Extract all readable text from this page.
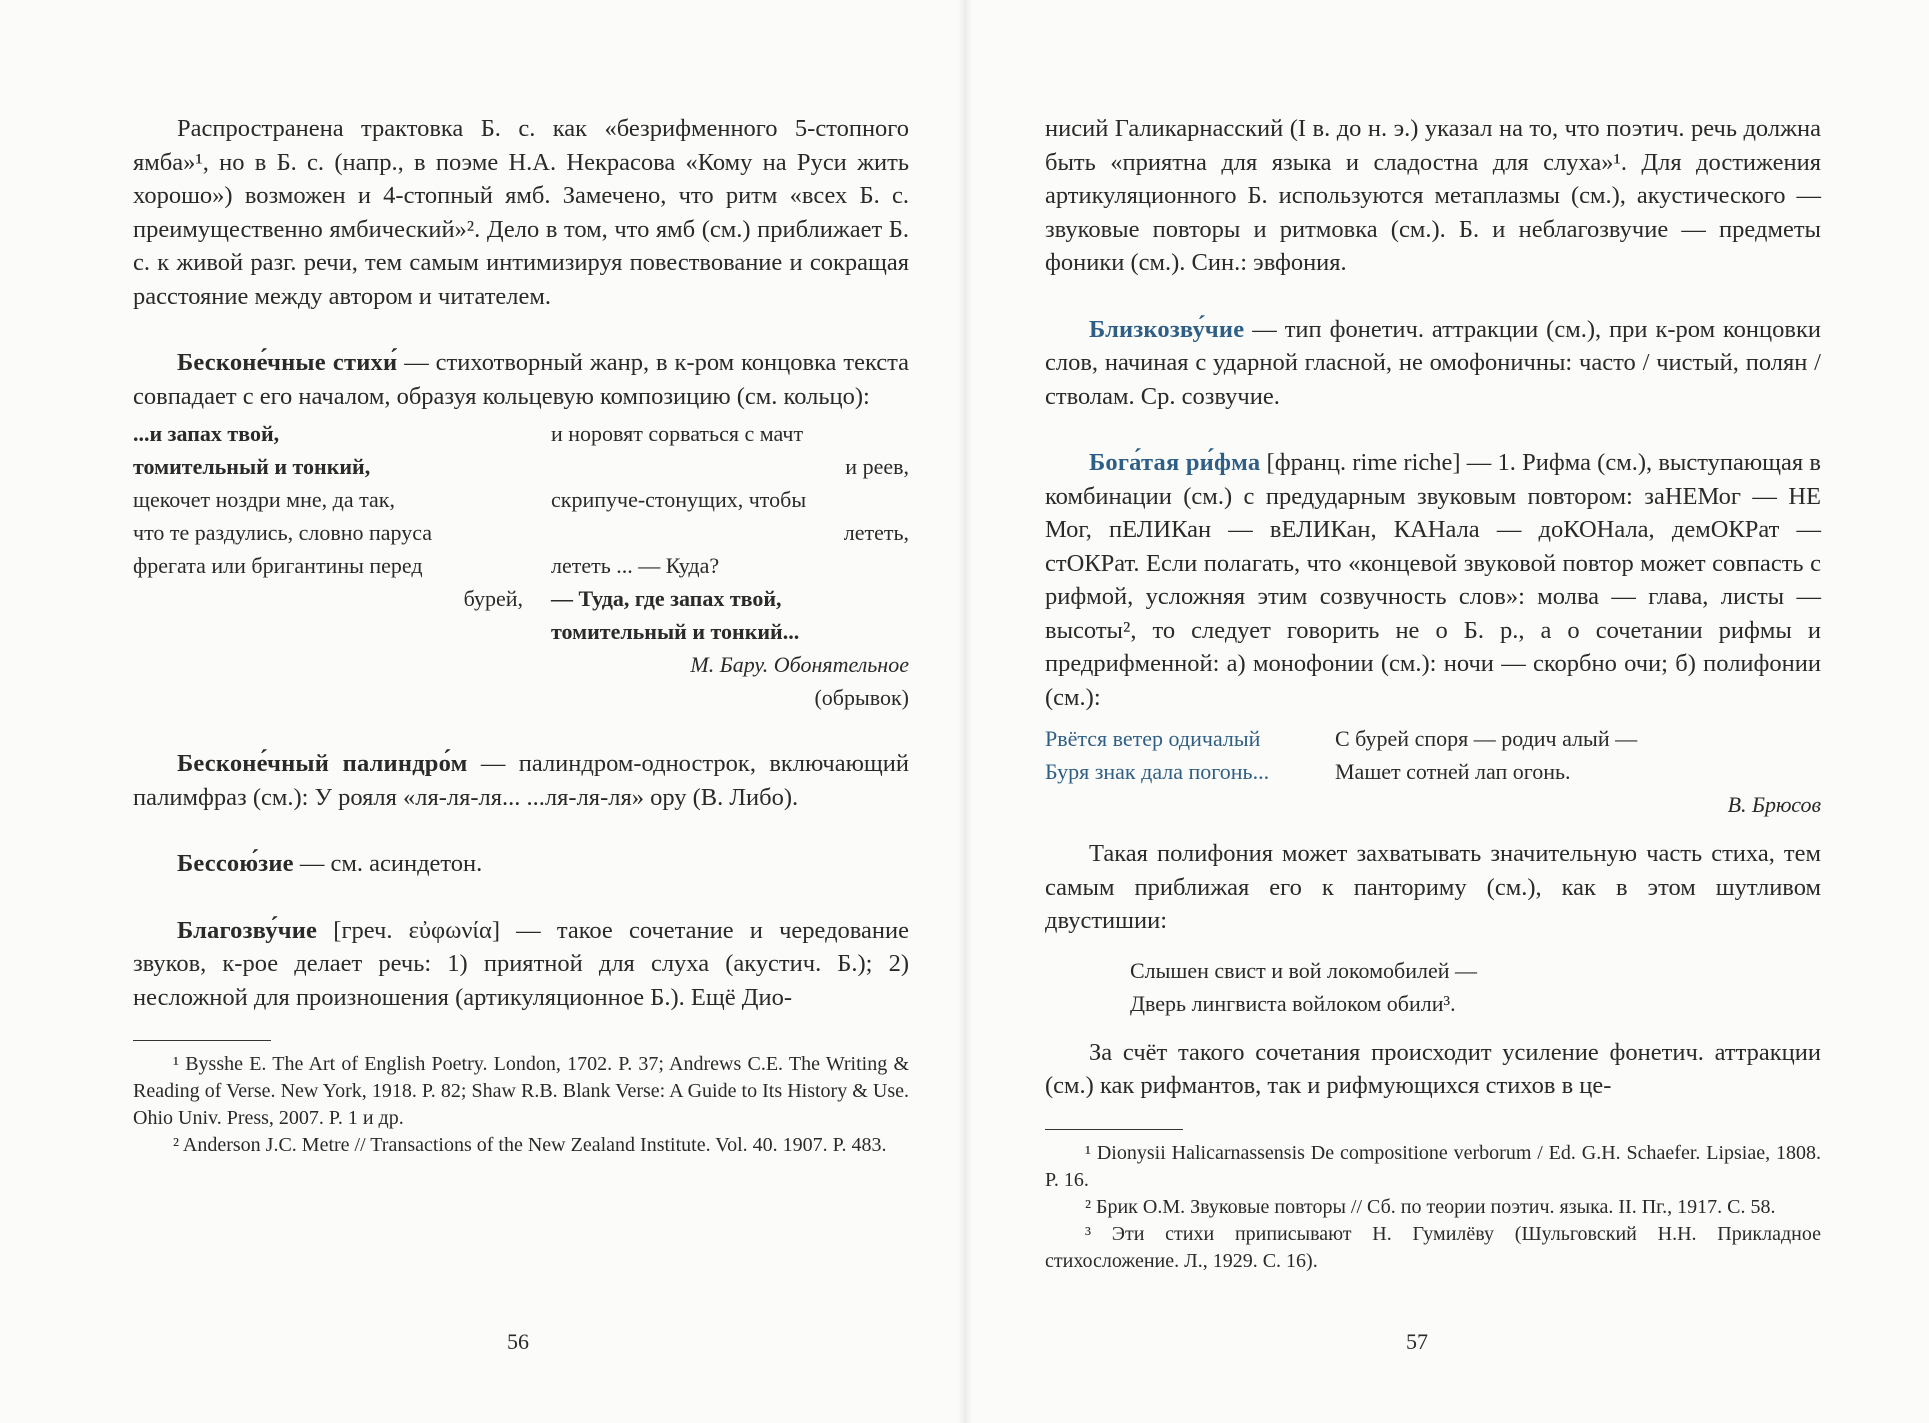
Распространена трактовка Б. с. как «безрифменного 5-стопного ямба»¹, но в Б. с. (напр., в поэме Н.А. Некрасова «Кому на Руси жить хорошо») возможен и 4-стопный ямб. Замечено, что ритм «всех Б. с. преимущественно ямбический»². Дело в том, что ямб (см.) приближает Б. с. к живой разг. речи, тем самым интимизируя повествование и сокращая расстояние между автором и читателем.

Бесконе́чные стихи́ — стихотворный жанр, в к-ром концовка текста совпадает с его началом, образуя кольцевую композицию (см. кольцо):

...и запах твой,
томительный и тонкий,
щекочет ноздри мне, да так,
что те раздулись, словно паруса
фрегата или бригантины перед
бурей,
и норовят сорваться с мачт
и реев,
скрипуче-стонущих, чтобы
лететь,
лететь ... — Куда?
— Туда, где запах твой,
томительный и тонкий...
М. Бару. Обонятельное
(обрывок)

Бесконе́чный палиндро́м — палиндром-однострок, включающий палимфраз (см.): У рояля «ля-ля-ля... ...ля-ля-ля» ору (В. Либо).

Бессою́зие — см. асиндетон.

Благозву́чие [греч. εὐφωνία] — такое сочетание и чередование звуков, к-рое делает речь: 1) приятной для слуха (акустич. Б.); 2) несложной для произношения (артикуляционное Б.). Ещё Дио-

¹ Bysshe E. The Art of English Poetry. London, 1702. P. 37; Andrews C.E. The Writing & Reading of Verse. New York, 1918. P. 82; Shaw R.B. Blank Verse: A Guide to Its History & Use. Ohio Univ. Press, 2007. P. 1 и др.
² Anderson J.C. Metre // Transactions of the New Zealand Institute. Vol. 40. 1907. P. 483.
56

нисий Галикарнасский (I в. до н. э.) указал на то, что поэтич. речь должна быть «приятна для языка и сладостна для слуха»¹. Для достижения артикуляционного Б. используются метаплазмы (см.), акустического — звуковые повторы и ритмовка (см.). Б. и неблагозвучие — предметы фоники (см.). Син.: эвфония.

Близкозву́чие — тип фонетич. аттракции (см.), при к-ром концовки слов, начиная с ударной гласной, не омофоничны: часто / чистый, полян / стволам. Ср. созвучие.

Бога́тая ри́фма [франц. rime riche] — 1. Рифма (см.), выступающая в комбинации (см.) с предударным звуковым повтором: заНЕМог — НЕ Мог, пЕЛИКан — вЕЛИКан, КАНала — доКОНала, демОКРат — стОКРат. Если полагать, что «концевой звуковой повтор может совпасть с рифмой, усложняя этим созвучность слов»: молва — глава, листы — высоты², то следует говорить не о Б. р., а о сочетании рифмы и предрифменной: а) монофонии (см.): ночи — скорбно очи; б) полифонии (см.):

Рвётся ветер одичалый	С бурей споря — родич алый —
Буря знак дала погонь...	Машет сотней лап огонь.
В. Брюсов

Такая полифония может захватывать значительную часть стиха, тем самым приближая его к панториму (см.), как в этом шутливом двустишии:

Слышен свист и вой локомобилей —
Дверь лингвиста войлоком обили³.

За счёт такого сочетания происходит усиление фонетич. аттракции (см.) как рифмантов, так и рифмующихся стихов в це-

¹ Dionysii Halicarnassensis De compositione verborum / Ed. G.H. Schaefer. Lipsiae, 1808. P. 16.
² Брик О.М. Звуковые повторы // Сб. по теории поэтич. языка. II. Пг., 1917. С. 58.
³ Эти стихи приписывают Н. Гумилёву (Шульговский Н.Н. Прикладное стихосложение. Л., 1929. С. 16).
57
